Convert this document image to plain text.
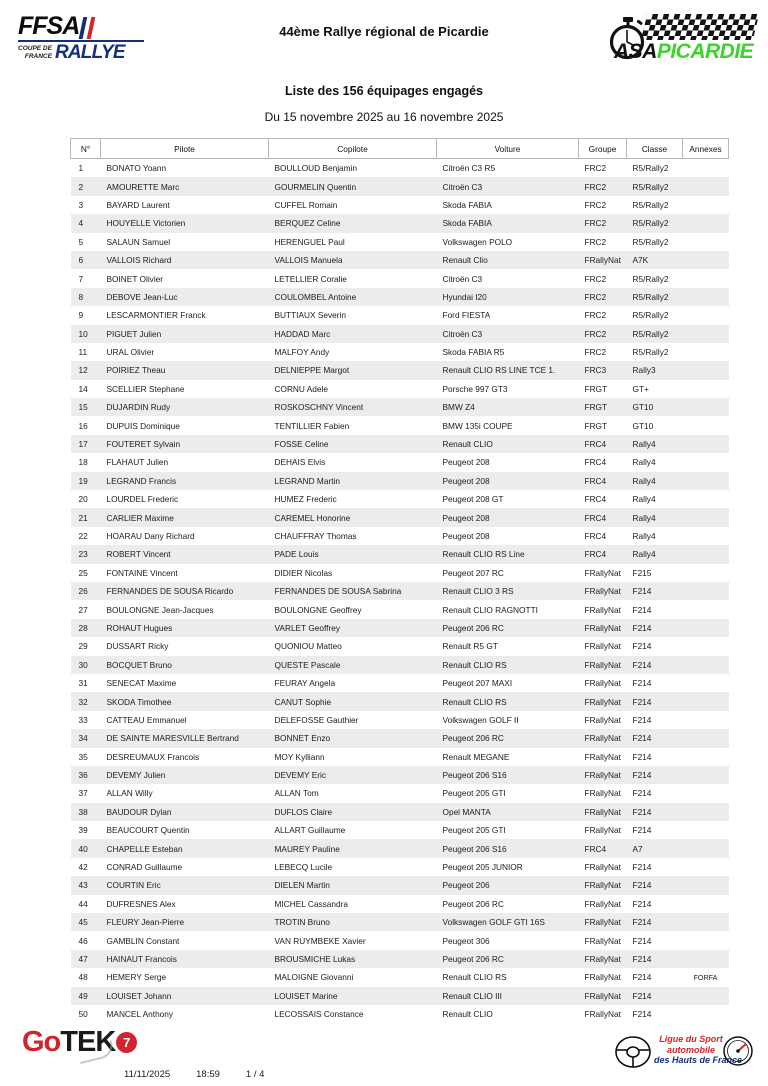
FFSA
COUPE DE
FRANCE RALLYE
44ème Rallye régional de Picardie
ASAPICARDIE
Liste des 156 équipages engagés
Du 15 novembre 2025 au 16 novembre 2025
N°	Pilote	Copilote	Voiture	Groupe	Classe	Annexes
1	BONATO Yoann	BOULLOUD Benjamin	Citroën C3 R5	FRC2	R5/Rally2	
2	AMOURETTE Marc	GOURMELIN Quentin	Citroën C3	FRC2	R5/Rally2	
3	BAYARD Laurent	CUFFEL Romain	Skoda FABIA	FRC2	R5/Rally2	
4	HOUYELLE Victorien	BERQUEZ Celine	Skoda FABIA	FRC2	R5/Rally2	
5	SALAUN Samuel	HERENGUEL Paul	Volkswagen POLO	FRC2	R5/Rally2	
6	VALLOIS Richard	VALLOIS Manuela	Renault Clio	FRallyNat	A7K	
7	BOINET Olivier	LETELLIER Coralie	Citroën C3	FRC2	R5/Rally2	
8	DEBOVE Jean-Luc	COULOMBEL Antoine	Hyundai I20	FRC2	R5/Rally2	
9	LESCARMONTIER Franck	BUTTIAUX Severin	Ford FIESTA	FRC2	R5/Rally2	
10	PIGUET Julien	HADDAD Marc	Citroën C3	FRC2	R5/Rally2	
11	URAL Olivier	MALFOY Andy	Skoda FABIA R5	FRC2	R5/Rally2	
12	POIRIEZ Theau	DELNIEPPE Margot	Renault CLIO RS LINE TCE 1.	FRC3	Rally3	
14	SCELLIER Stephane	CORNU Adele	Porsche 997 GT3	FRGT	GT+	
15	DUJARDIN Rudy	ROSKOSCHNY Vincent	BMW Z4	FRGT	GT10	
16	DUPUIS Dominique	TENTILLIER Fabien	BMW 135i COUPE	FRGT	GT10	
17	FOUTERET Sylvain	FOSSE Celine	Renault CLIO	FRC4	Rally4	
18	FLAHAUT Julien	DEHAIS Elvis	Peugeot 208	FRC4	Rally4	
19	LEGRAND Francis	LEGRAND Martin	Peugeot 208	FRC4	Rally4	
20	LOURDEL Frederic	HUMEZ Frederic	Peugeot 208 GT	FRC4	Rally4	
21	CARLIER Maxime	CAREMEL Honorine	Peugeot 208	FRC4	Rally4	
22	HOARAU Dany Richard	CHAUFFRAY Thomas	Peugeot 208	FRC4	Rally4	
23	ROBERT Vincent	PADE Louis	Renault CLIO RS Line	FRC4	Rally4	
25	FONTAINE Vincent	DIDIER Nicolas	Peugeot 207 RC	FRallyNat	F215	
26	FERNANDES DE SOUSA Ricardo	FERNANDES DE SOUSA Sabrina	Renault CLIO 3 RS	FRallyNat	F214	
27	BOULONGNE Jean-Jacques	BOULONGNE Geoffrey	Renault CLIO RAGNOTTI	FRallyNat	F214	
28	ROHAUT Hugues	VARLET Geoffrey	Peugeot 206 RC	FRallyNat	F214	
29	DUSSART Ricky	QUONIOU Matteo	Renault R5 GT	FRallyNat	F214	
30	BOCQUET Bruno	QUESTE Pascale	Renault CLIO RS	FRallyNat	F214	
31	SENECAT Maxime	FEURAY Angela	Peugeot 207 MAXI	FRallyNat	F214	
32	SKODA Timothee	CANUT Sophie	Renault CLIO RS	FRallyNat	F214	
33	CATTEAU Emmanuel	DELEFOSSE Gauthier	Volkswagen GOLF II	FRallyNat	F214	
34	DE SAINTE MARESVILLE Bertrand	BONNET Enzo	Peugeot 206 RC	FRallyNat	F214	
35	DESREUMAUX Francois	MOY Kylliann	Renault MEGANE	FRallyNat	F214	
36	DEVEMY Julien	DEVEMY Eric	Peugeot 206 S16	FRallyNat	F214	
37	ALLAN Willy	ALLAN Tom	Peugeot 205 GTI	FRallyNat	F214	
38	BAUDOUR Dylan	DUFLOS Claire	Opel MANTA	FRallyNat	F214	
39	BEAUCOURT Quentin	ALLART Guillaume	Peugeot 205 GTI	FRallyNat	F214	
40	CHAPELLE Esteban	MAUREY Pauline	Peugeot 206 S16	FRC4	A7	
42	CONRAD Guillaume	LEBECQ Lucile	Peugeot 205 JUNIOR	FRallyNat	F214	
43	COURTIN Eric	DIELEN Martin	Peugeot 206	FRallyNat	F214	
44	DUFRESNES Alex	MICHEL Cassandra	Peugeot 206 RC	FRallyNat	F214	
45	FLEURY Jean-Pierre	TROTIN Bruno	Volkswagen GOLF GTI 16S	FRallyNat	F214	
46	GAMBLIN Constant	VAN RUYMBEKE Xavier	Peugeot 306	FRallyNat	F214	
47	HAINAUT Francois	BROUSMICHE Lukas	Peugeot 206 RC	FRallyNat	F214	
48	HEMERY Serge	MALOIGNE Giovanni	Renault CLIO RS	FRallyNat	F214	FORFA
49	LOUISET Johann	LOUISET Marine	Renault CLIO III	FRallyNat	F214	
50	MANCEL Anthony	LECOSSAIS Constance	Renault CLIO	FRallyNat	F214	
Go TEK 7
11/11/2025	18:59	1 / 4
Ligue du Sport
automobile
des Hauts de France
